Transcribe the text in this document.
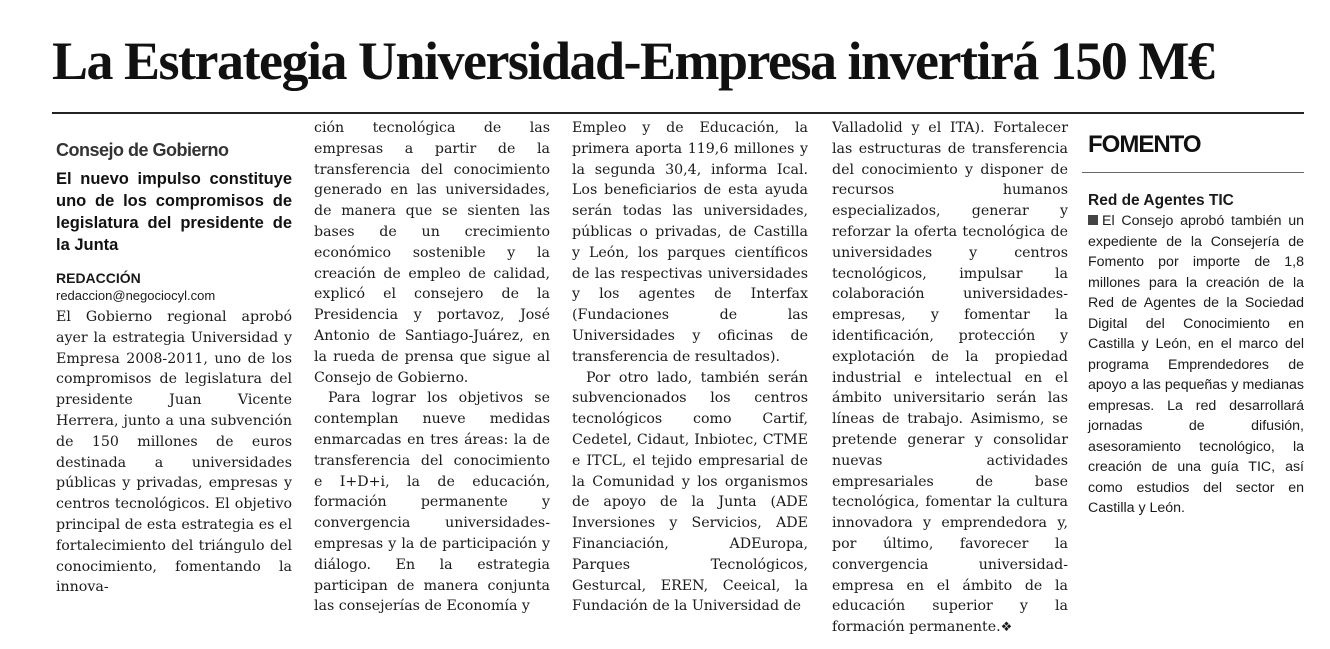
La Estrategia Universidad-Empresa invertirá 150 M€
Consejo de Gobierno
El nuevo impulso constituye uno de los compromisos de legislatura del presidente de la Junta
REDACCIÓN
redaccion@negociocyl.com

El Gobierno regional aprobó ayer la estrategia Universidad y Empresa 2008-2011, uno de los compromisos de legislatura del presidente Juan Vicente Herrera, junto a una subvención de 150 millones de euros destinada a universidades públicas y privadas, empresas y centros tecnológicos. El objetivo principal de esta estrategia es el fortalecimiento del triángulo del conocimiento, fomentando la innova-

ción tecnológica de las empresas a partir de la transferencia del conocimiento generado en las universidades, de manera que se sienten las bases de un crecimiento económico sostenible y la creación de empleo de calidad, explicó el consejero de la Presidencia y portavoz, José Antonio de Santiago-Juárez, en la rueda de prensa que sigue al Consejo de Gobierno.

Para lograr los objetivos se contemplan nueve medidas enmarcadas en tres áreas: la de transferencia del conocimiento e I+D+i, la de educación, formación permanente y convergencia universidades-empresas y la de participación y diálogo. En la estrategia participan de manera conjunta las consejerías de Economía y

Empleo y de Educación, la primera aporta 119,6 millones y la segunda 30,4, informa Ical. Los beneficiarios de esta ayuda serán todas las universidades, públicas o privadas, de Castilla y León, los parques científicos de las respectivas universidades y los agentes de Interfax (Fundaciones de las Universidades y oficinas de transferencia de resultados).

Por otro lado, también serán subvencionados los centros tecnológicos como Cartif, Cedetel, Cidaut, Inbiotec, CTME e ITCL, el tejido empresarial de la Comunidad y los organismos de apoyo de la Junta (ADE Inversiones y Servicios, ADE Financiación, ADEuropa, Parques Tecnológicos, Gesturcal, EREN, Ceeical, la Fundación de la Universidad de

Valladolid y el ITA). Fortalecer las estructuras de transferencia del conocimiento y disponer de recursos humanos especializados, generar y reforzar la oferta tecnológica de universidades y centros tecnológicos, impulsar la colaboración universidades-empresas, y fomentar la identificación, protección y explotación de la propiedad industrial e intelectual en el ámbito universitario serán las líneas de trabajo. Asimismo, se pretende generar y consolidar nuevas actividades empresariales de base tecnológica, fomentar la cultura innovadora y emprendedora y, por último, favorecer la convergencia universidad-empresa en el ámbito de la educación superior y la formación permanente.❖

FOMENTO
Red de Agentes TIC
El Consejo aprobó también un expediente de la Consejería de Fomento por importe de 1,8 millones para la creación de la Red de Agentes de la Sociedad Digital del Conocimiento en Castilla y León, en el marco del programa Emprendedores de apoyo a las pequeñas y medianas empresas. La red desarrollará jornadas de difusión, asesoramiento tecnológico, la creación de una guía TIC, así como estudios del sector en Castilla y León.
